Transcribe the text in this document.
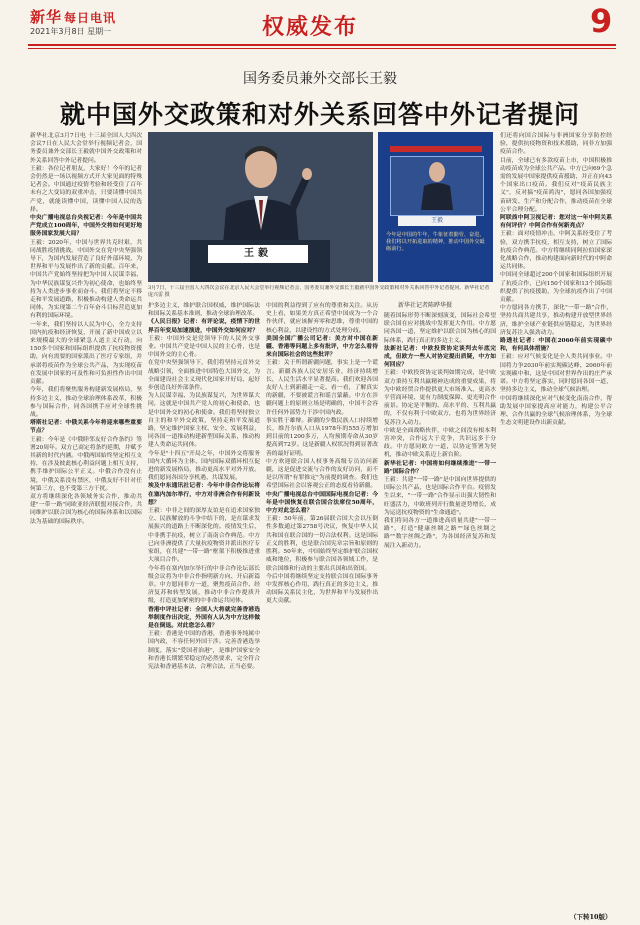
新华 每日电讯
2021年3月8日 星期一	权威发布	9
国务委员兼外交部长王毅
就中国外交政策和对外关系回答中外记者提问
王毅
王毅
今年是中国的牛年，牛象征着勤劳、奋进，我们将以开拓进取的精神，推动中国外交砥砺前行。
3月7日，十三届全国人大四次会议在北京人民大会堂举行视频记者会，国务委员兼外交部长王毅就中国外交政策和对外关系回答中外记者提问。新华社记者 庞兴雷 摄
新华社记者陈晔华摄
新华社北京3月7日电 十三届全国人大四次会议7日在人民大会堂举行视频记者会，国务委员兼外交部长王毅就中国外交政策和对外关系回答中外记者提问。
王毅：各位记者朋友，大家好！今年的记者会仍然是一场以视频方式开大家见面的特殊记者会。中国通过疫情考验和经受住了百年未有之大变局的双重冲击，只要读懂中国共产党，就能读懂中国，读懂中国人民的选择。
中央广播电视总台央视记者：今年是中国共产党成立100周年，中国外交将如何更好地服务国家发展大局？
王毅：2020年，中国与世界共克时艰，共同战胜疫情挑战。中国外交在党中央坚强领导下，为国内发展营造了良好外部环境，为世界和平与发展作出了新的贡献。百年来，中国共产党始终坚持把为中国人民谋幸福、为中华民族谋复兴作为初心使命，也始终坚持为人类进步事业而奋斗。我们将坚定不移走和平发展道路，积极推动构建人类命运共同体，为实现第二个百年奋斗目标营造更加有利的国际环境。
一年来，我们坚持以人民为中心，全力支持国内抗疫和经济恢复，开展了新中国成立以来规模最大的全球紧急人道主义行动，向150多个国家和国际组织提供了抗疫物资援助，向有需要的国家派出了医疗专家组，并承诺将疫苗作为全球公共产品，为实现疫苗在发展中国家的可及性和可负担性作出中国贡献。
今年，我们将聚焦服务构建新发展格局，坚持多边主义，推动全球治理体系改革，积极参与国际合作，同各国携手应对全球性挑战。
塔斯社记者：中俄关系今年将迎来哪些重要节点？
王毅：今年是《中俄睦邻友好合作条约》签署20周年。双方已商定将条约延期，并赋予其新的时代内涵。中俄两国始终坚定相互支持，在涉及彼此核心利益问题上相互支持，携手维护国际公平正义。中俄合作没有止境，中俄关系没有禁区，中俄友好不针对任何第三方，也不受第三方干扰。
双方将继续深化各领域务实合作，推动共建"一带一路"同欧亚经济联盟对接合作，共同维护以联合国为核心的国际体系和以国际法为基础的国际秩序。
护多边主义，维护联合国权威，维护国际法和国际关系基本准则，推动全球治理改革。
《人民日报》记者：有评论说，疫情下的世界百年变局加速演进，中国外交如何应对？
王毅：中国外交是党领导下的人民外交事业。中国共产党是中国人民的主心骨，也是中国外交的主心骨。
在党中央坚强领导下，我们将坚持元首外交战略引领，全面推进中国特色大国外交，为全面建设社会主义现代化国家开好局、起好步创造良好外部条件。
为人民谋幸福、为民族谋复兴，为世界谋大同，这就是中国共产党人的初心和使命，也是中国外交的初心和使命。我们将坚持独立自主的和平外交政策，坚持走和平发展道路，坚定维护国家主权、安全、发展利益，同各国一道推动构建新型国际关系，推动构建人类命运共同体。
今年是"十四五"开局之年，中国外交将服务国内大循环为主体、国内国际双循环相互促进的新发展格局，推动更高水平对外开放。我们愿同各国分享机遇、共谋发展。
埃及中东通讯社记者：今年中非合作论坛将在塞内加尔举行，中方对非洲合作有何新设想？
王毅：中非之间的深厚友谊是在追求国家独立、民族解放的斗争中结下的，是在谋求发展振兴的道路上不断深化的。疫情发生后，中非携手抗疫，树立了南南合作典范。中方已向非洲提供了大量抗疫物资并派出医疗专家组，在共建"一带一路"框架下积极推进重大项目合作。
今年将在塞内加尔举行的中非合作论坛部长级会议将为中非合作指明新方向、开启新篇章。中方愿同非方一道，聚焦疫苗合作、经济复苏和转型发展，推动中非合作提质升级，打造更加紧密的中非命运共同体。
香港中评社记者：全国人大将就完善香港选举制度作出决定，外国有人认为中方这样做是在倒退。对此您怎么看？
王毅：香港是中国的香港，香港事务纯属中国内政，不容任何外国干涉。完善香港选举制度，落实"爱国者治港"，是维护国家安全和香港长期繁荣稳定的必然要求，完全符合宪法和香港基本法，合理合法，正当必要。
中国的利益得到了应有的尊重和关注。从历史上看，如果美方真正希望中国成为一个合作伙伴，就应该摒弃零和思维，尊重中国的核心利益，以建设性的方式处理分歧。
美国全国广播公司记者：美方对中国在新疆、香港等问题上多有批评，中方怎么看待来自国际社会的这些批评？
王毅：关于所谓新疆问题，事实上是一个谎言。新疆各族人民安居乐业，经济持续增长，人民生活水平显著提高。我们欢迎各国友好人士到新疆走一走、看一看，了解真实的新疆，不要被谎言和谣言蒙蔽。中方在涉疆问题上的原则立场是明确的，中国不会容许任何外部势力干涉中国内政。
事实胜于雄辩。新疆的少数民族人口持续增长，维吾尔族人口从1978年的555万增加到目前的1200多万，人均预期寿命从30岁提高到72岁。这是新疆人权状况得到显著改善的最好证明。
中方欢迎联合国人权事务高级专员访问新疆，这是促进交流与合作的友好访问，而不是以所谓"有罪推定"为前提的调查。我们也希望国际社会以客观公正的态度看待新疆。
中央广播电视总台中国国际电视台记者：今年是中国恢复在联合国合法席位50周年，中方对此怎么看？
王毅：50年前，第26届联合国大会以压倒性多数通过第2758号决议，恢复中华人民共和国在联合国的一切合法权利。这是国际正义的胜利，也是联合国宪章宗旨和原则的胜利。50年来，中国始终坚定维护联合国权威和地位，积极参与联合国各领域工作，是联合国维和行动的主要出兵国和出资国。
今后中国将继续坚定支持联合国在国际事务中发挥核心作用，践行真正的多边主义，推动国际关系民主化，为世界和平与发展作出更大贡献。
随着国际形势不断深刻演变，国际社会希望联合国在应对挑战中发挥更大作用。中方愿同各国一道，坚定维护以联合国为核心的国际体系，践行真正的多边主义。
法新社记者：中欧投资协定谈判去年底完成，但欧方一些人对协定提出质疑，中方如何回应？
王毅：中欧投资协定谈判如期完成，是中欧双方秉持互利共赢精神达成的重要成果，将为中欧经贸合作提供更大市场准入、更高水平营商环境、更有力制度保障、更光明合作前景。协定是平衡的、高水平的、互利共赢的，不仅有利于中欧双方，也将为世界经济复苏注入动力。
中欧是全面战略伙伴，中欧之间没有根本利害冲突，合作远大于竞争，共识远多于分歧。中方愿同欧方一道，以协定签署为契机，推动中欧关系迈上新台阶。
新华社记者：中国将如何继续推进"一带一路"国际合作？
王毅：共建"一带一路"是中国向世界提供的国际公共产品，也是国际合作平台。疫情发生以来，"一带一路"合作显示出强大韧性和旺盛活力，中欧班列开行数量逆势增长，成为运送抗疫物资的"生命通道"。
我们将同各方一道推进高质量共建"一带一路"，打造"健康丝绸之路""绿色丝绸之路""数字丝绸之路"，为各国经济复苏和发展注入新动力。
们还将向国合国际与非洲国家分享防控经验，提供抗疫物资和技术援助，同非方加强疫苗合作。
目前，全球已有多款疫苗上市，中国积极推动疫苗成为全球公共产品。中方已向69个急需的发展中国家提供疫苗援助，并正在向43个国家出口疫苗。我们反对"疫苗民族主义"，反对搞"疫苗鸿沟"，愿同各国加强疫苗研发、生产和分配合作，推动疫苗在全球公平合理分配。
阿联酋中阿卫视记者：您对这一年中阿关系有何评价？中阿合作有何新亮点？
王毅：面对疫情冲击，中阿关系经受住了考验，双方携手抗疫，相互支持，树立了国际抗疫合作典范。中方将继续同阿拉伯国家深化战略合作，推动构建面向新时代的中阿命运共同体。
中国同全球超过200个国家和国际组织开展了抗疫合作，已向150个国家和13个国际组织提供了抗疫援助，为全球抗疫作出了中国贡献。
中方愿同各方携手，深化"一带一路"合作，坚持共商共建共享，推动构建开放型世界经济，维护全球产业链供应链稳定，为世界经济复苏注入强劲动力。
路透社记者：中国在2060年前实现碳中和，有何具体措施？
王毅：应对气候变化是全人类共同事业。中国将力争2030年前实现碳达峰、2060年前实现碳中和，这是中国对世界作出的庄严承诺。中方将坚定落实，同时愿同各国一道，坚持多边主义，推动全球气候治理。
中国将继续深化应对气候变化南南合作，帮助发展中国家提高应对能力，构建公平合理、合作共赢的全球气候治理体系，为全球生态文明建设作出新贡献。
（下转10版）
